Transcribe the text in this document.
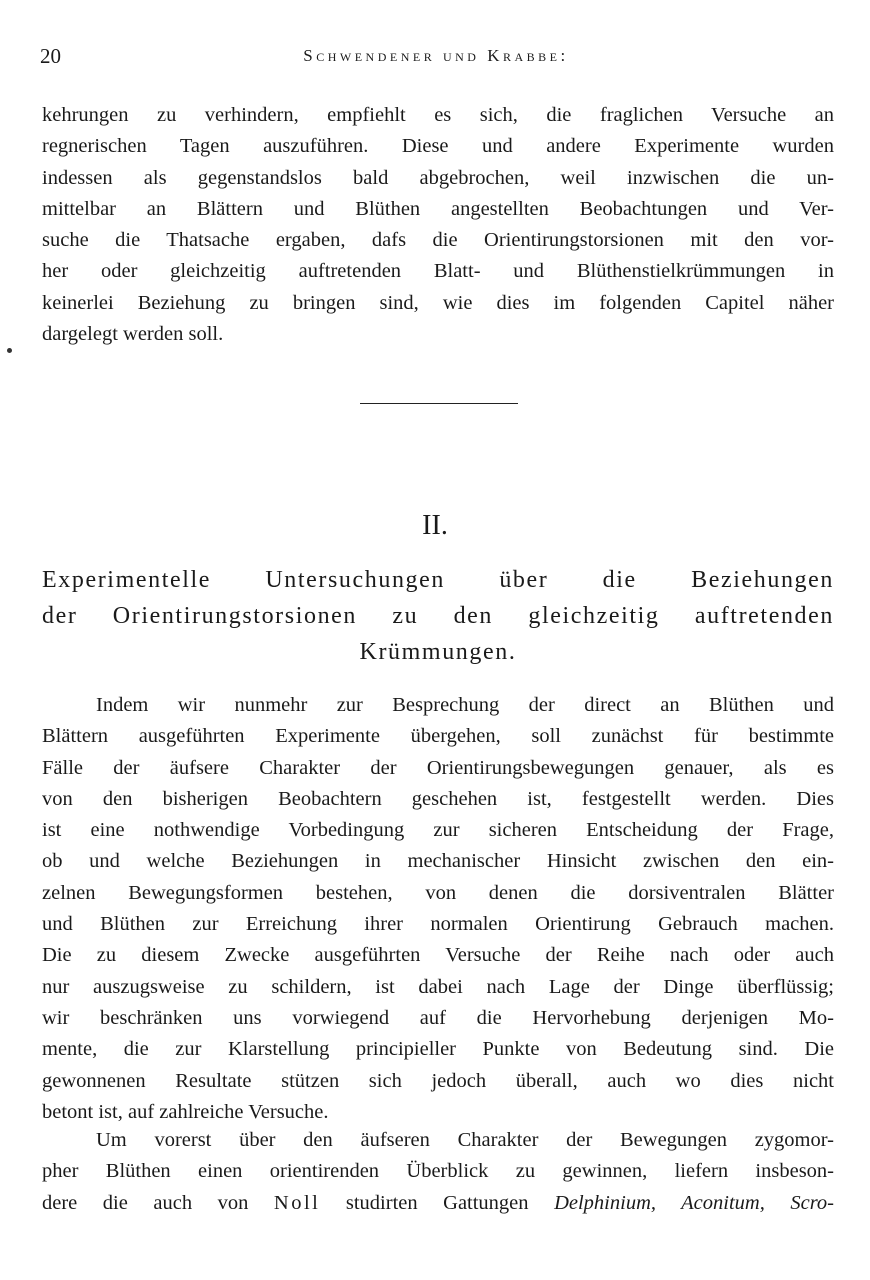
20	Schwendener und Krabbe:
kehrungen zu verhindern, empfiehlt es sich, die fraglichen Versuche an
regnerischen Tagen auszuführen. Diese und andere Experimente wurden
indessen als gegenstandslos bald abgebrochen, weil inzwischen die un-
mittelbar an Blättern und Blüthen angestellten Beobachtungen und Ver-
suche die Thatsache ergaben, dafs die Orientirungstorsionen mit den vor-
her oder gleichzeitig auftretenden Blatt- und Blüthenstielkrümmungen in
keinerlei Beziehung zu bringen sind, wie dies im folgenden Capitel näher
dargelegt werden soll.
II.
Experimentelle Untersuchungen über die Beziehungen
der Orientirungstorsionen zu den gleichzeitig auftretenden
Krümmungen.
Indem wir nunmehr zur Besprechung der direct an Blüthen und
Blättern ausgeführten Experimente übergehen, soll zunächst für bestimmte
Fälle der äufsere Charakter der Orientirungsbewegungen genauer, als es
von den bisherigen Beobachtern geschehen ist, festgestellt werden. Dies
ist eine nothwendige Vorbedingung zur sicheren Entscheidung der Frage,
ob und welche Beziehungen in mechanischer Hinsicht zwischen den ein-
zelnen Bewegungsformen bestehen, von denen die dorsiventralen Blätter
und Blüthen zur Erreichung ihrer normalen Orientirung Gebrauch machen.
Die zu diesem Zwecke ausgeführten Versuche der Reihe nach oder auch
nur auszugsweise zu schildern, ist dabei nach Lage der Dinge überflüssig;
wir beschränken uns vorwiegend auf die Hervorhebung derjenigen Mo-
mente, die zur Klarstellung principieller Punkte von Bedeutung sind. Die
gewonnenen Resultate stützen sich jedoch überall, auch wo dies nicht
betont ist, auf zahlreiche Versuche.
Um vorerst über den äufseren Charakter der Bewegungen zygomor-
pher Blüthen einen orientirenden Überblick zu gewinnen, liefern insbeson-
dere die auch von Noll studirten Gattungen Delphinium, Aconitum, Scro-
